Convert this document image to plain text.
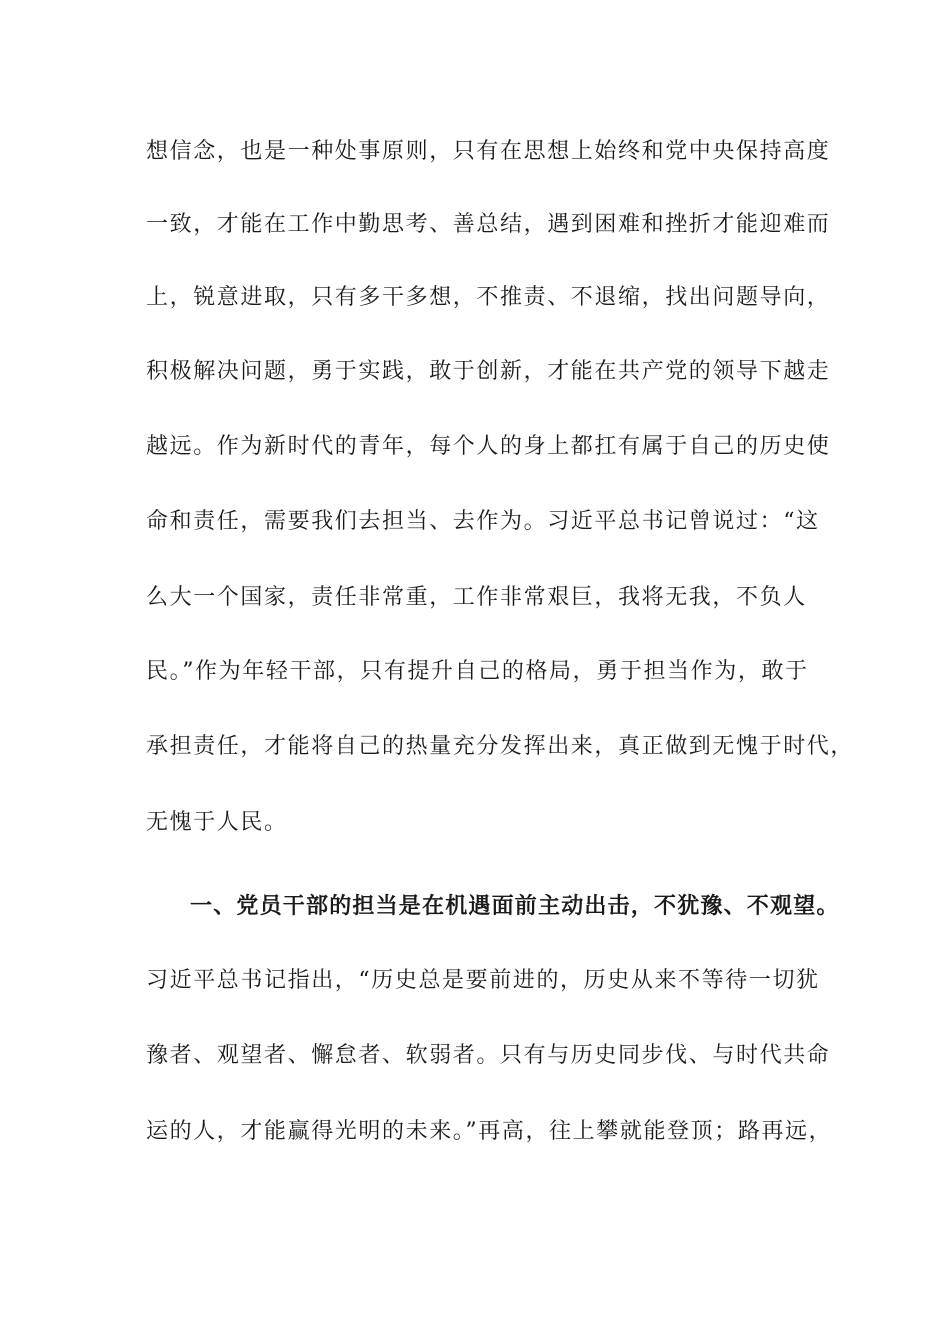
想信念，也是一种处事原则，只有在思想上始终和党中央保持高度
一致，才能在工作中勤思考、善总结，遇到困难和挫折才能迎难而
上，锐意进取，只有多干多想，不推责、不退缩，找出问题导向，
积极解决问题，勇于实践，敢于创新，才能在共产党的领导下越走
越远。作为新时代的青年，每个人的身上都扛有属于自己的历史使
命和责任，需要我们去担当、去作为。习近平总书记曾说过：“这
么大一个国家，责任非常重，工作非常艰巨，我将无我，不负人
民。”作为年轻干部，只有提升自己的格局，勇于担当作为，敢于
承担责任，才能将自己的热量充分发挥出来，真正做到无愧于时代，
无愧于人民。
一、党员干部的担当是在机遇面前主动出击，不犹豫、不观望。
习近平总书记指出，“历史总是要前进的，历史从来不等待一切犹
豫者、观望者、懈怠者、软弱者。只有与历史同步伐、与时代共命
运的人，才能赢得光明的未来。”再高，往上攀就能登顶；路再远，
